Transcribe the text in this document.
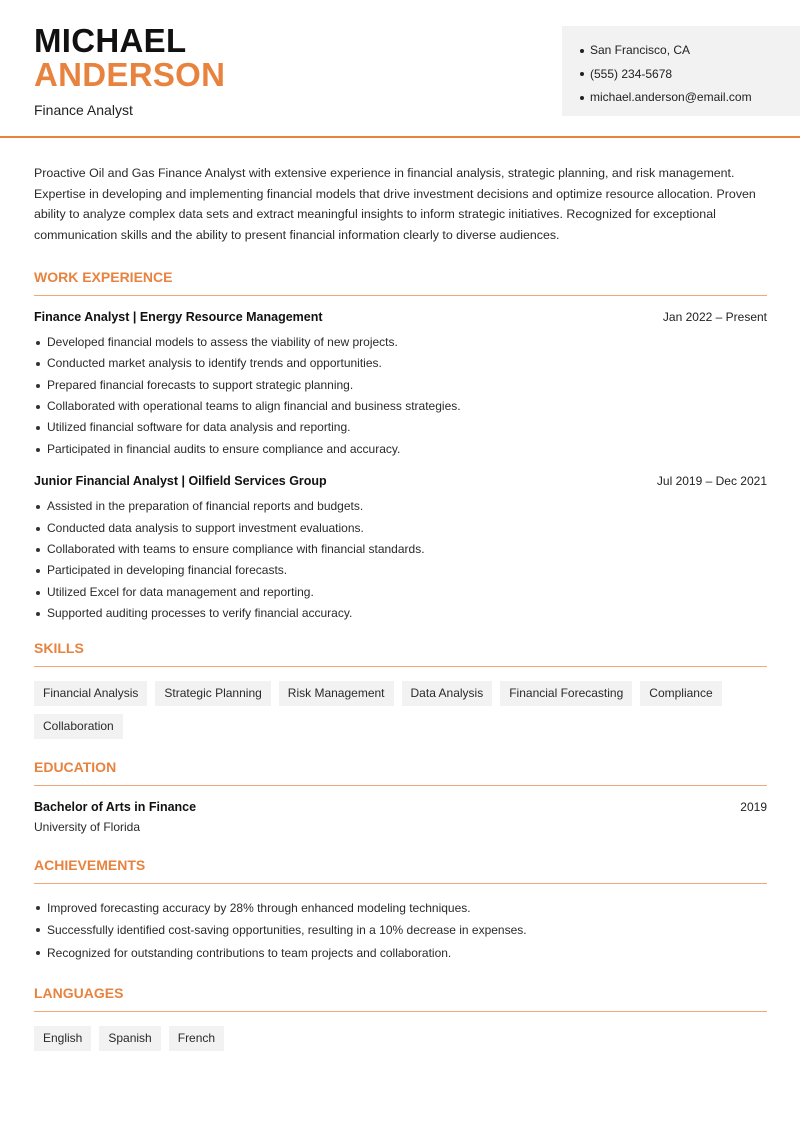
MICHAEL
ANDERSON
Finance Analyst
San Francisco, CA
(555) 234-5678
michael.anderson@email.com

Proactive Oil and Gas Finance Analyst with extensive experience in financial analysis, strategic planning, and risk management. Expertise in developing and implementing financial models that drive investment decisions and optimize resource allocation. Proven ability to analyze complex data sets and extract meaningful insights to inform strategic initiatives. Recognized for exceptional communication skills and the ability to present financial information clearly to diverse audiences.

WORK EXPERIENCE
Finance Analyst | Energy Resource Management	Jan 2022 – Present
Developed financial models to assess the viability of new projects.
Conducted market analysis to identify trends and opportunities.
Prepared financial forecasts to support strategic planning.
Collaborated with operational teams to align financial and business strategies.
Utilized financial software for data analysis and reporting.
Participated in financial audits to ensure compliance and accuracy.
Junior Financial Analyst | Oilfield Services Group	Jul 2019 – Dec 2021
Assisted in the preparation of financial reports and budgets.
Conducted data analysis to support investment evaluations.
Collaborated with teams to ensure compliance with financial standards.
Participated in developing financial forecasts.
Utilized Excel for data management and reporting.
Supported auditing processes to verify financial accuracy.
SKILLS
Financial Analysis	Strategic Planning	Risk Management	Data Analysis	Financial Forecasting	Compliance
Collaboration
EDUCATION
Bachelor of Arts in Finance	2019
University of Florida
ACHIEVEMENTS
Improved forecasting accuracy by 28% through enhanced modeling techniques.
Successfully identified cost-saving opportunities, resulting in a 10% decrease in expenses.
Recognized for outstanding contributions to team projects and collaboration.
LANGUAGES
English	Spanish	French
